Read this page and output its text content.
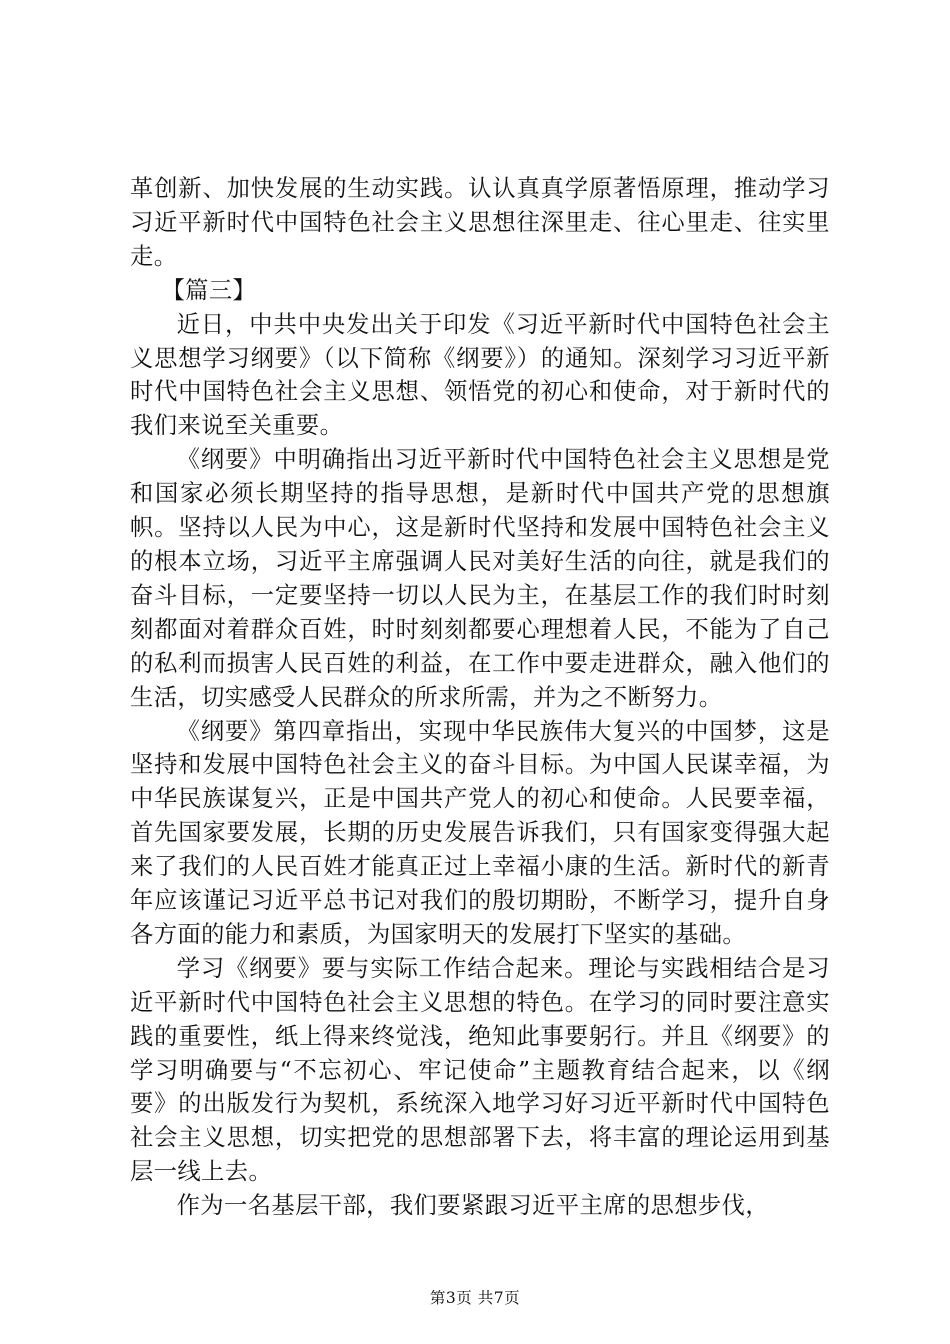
革创新、加快发展的生动实践。认认真真学原著悟原理，推动学习习近平新时代中国特色社会主义思想往深里走、往心里走、往实里走。

【篇三】

近日，中共中央发出关于印发《习近平新时代中国特色社会主义思想学习纲要》（以下简称《纲要》）的通知。深刻学习习近平新时代中国特色社会主义思想、领悟党的初心和使命，对于新时代的我们来说至关重要。

《纲要》中明确指出习近平新时代中国特色社会主义思想是党和国家必须长期坚持的指导思想，是新时代中国共产党的思想旗帜。坚持以人民为中心，这是新时代坚持和发展中国特色社会主义的根本立场，习近平主席强调人民对美好生活的向往，就是我们的奋斗目标，一定要坚持一切以人民为主，在基层工作的我们时时刻刻都面对着群众百姓，时时刻刻都要心理想着人民，不能为了自己的私利而损害人民百姓的利益，在工作中要走进群众，融入他们的生活，切实感受人民群众的所求所需，并为之不断努力。

《纲要》第四章指出，实现中华民族伟大复兴的中国梦，这是坚持和发展中国特色社会主义的奋斗目标。为中国人民谋幸福，为中华民族谋复兴，正是中国共产党人的初心和使命。人民要幸福，首先国家要发展，长期的历史发展告诉我们，只有国家变得强大起来了我们的人民百姓才能真正过上幸福小康的生活。新时代的新青年应该谨记习近平总书记对我们的殷切期盼，不断学习，提升自身各方面的能力和素质，为国家明天的发展打下坚实的基础。

学习《纲要》要与实际工作结合起来。理论与实践相结合是习近平新时代中国特色社会主义思想的特色。在学习的同时要注意实践的重要性，纸上得来终觉浅，绝知此事要躬行。并且《纲要》的学习明确要与“不忘初心、牢记使命”主题教育结合起来，以《纲要》的出版发行为契机，系统深入地学习好习近平新时代中国特色社会主义思想，切实把党的思想部署下去，将丰富的理论运用到基层一线上去。

作为一名基层干部，我们要紧跟习近平主席的思想步伐，

第3页 共7页
